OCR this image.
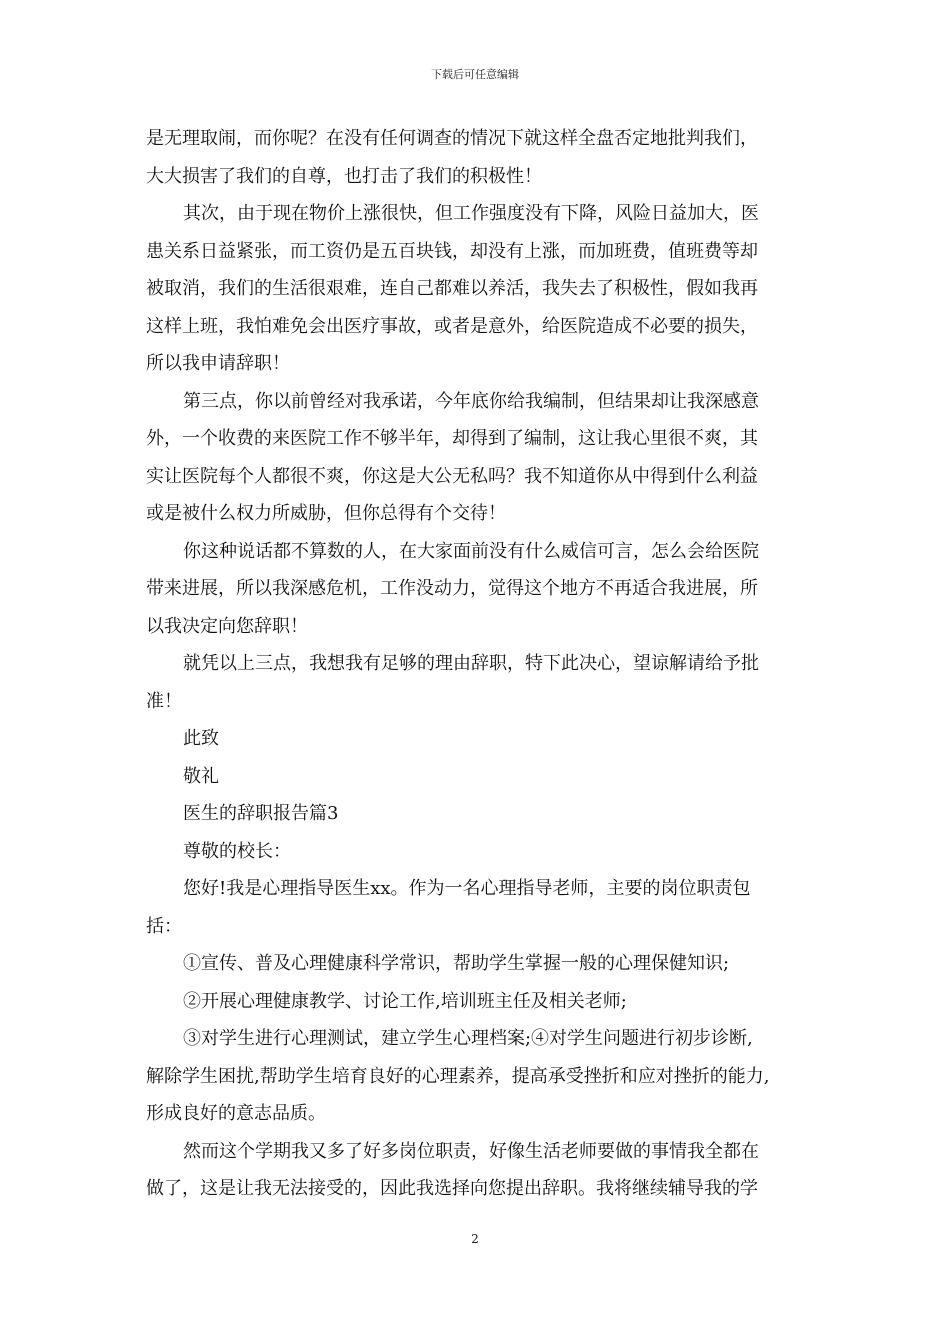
下载后可任意编辑
是无理取闹，而你呢？在没有任何调查的情况下就这样全盘否定地批判我们，
大大损害了我们的自尊，也打击了我们的积极性！
其次，由于现在物价上涨很快，但工作强度没有下降，风险日益加大，医
患关系日益紧张，而工资仍是五百块钱，却没有上涨，而加班费，值班费等却
被取消，我们的生活很艰难，连自己都难以养活，我失去了积极性，假如我再
这样上班，我怕难免会出医疗事故，或者是意外，给医院造成不必要的损失，
所以我申请辞职！
第三点，你以前曾经对我承诺，今年底你给我编制，但结果却让我深感意
外，一个收费的来医院工作不够半年，却得到了编制，这让我心里很不爽，其
实让医院每个人都很不爽，你这是大公无私吗？我不知道你从中得到什么利益
或是被什么权力所威胁，但你总得有个交待！
你这种说话都不算数的人，在大家面前没有什么威信可言，怎么会给医院
带来进展，所以我深感危机，工作没动力，觉得这个地方不再适合我进展，所
以我决定向您辞职！
就凭以上三点，我想我有足够的理由辞职，特下此决心，望谅解请给予批
准！
此致
敬礼
医生的辞职报告篇3
尊敬的校长：
您好!我是心理指导医生xx。作为一名心理指导老师，主要的岗位职责包
括：
①宣传、普及心理健康科学常识，帮助学生掌握一般的心理保健知识;
②开展心理健康教学、讨论工作,培训班主任及相关老师;
③对学生进行心理测试，建立学生心理档案;④对学生问题进行初步诊断,
解除学生困扰,帮助学生培育良好的心理素养，提高承受挫折和应对挫折的能力,
形成良好的意志品质。
然而这个学期我又多了好多岗位职责，好像生活老师要做的事情我全都在
做了，这是让我无法接受的，因此我选择向您提出辞职。我将继续辅导我的学
2
